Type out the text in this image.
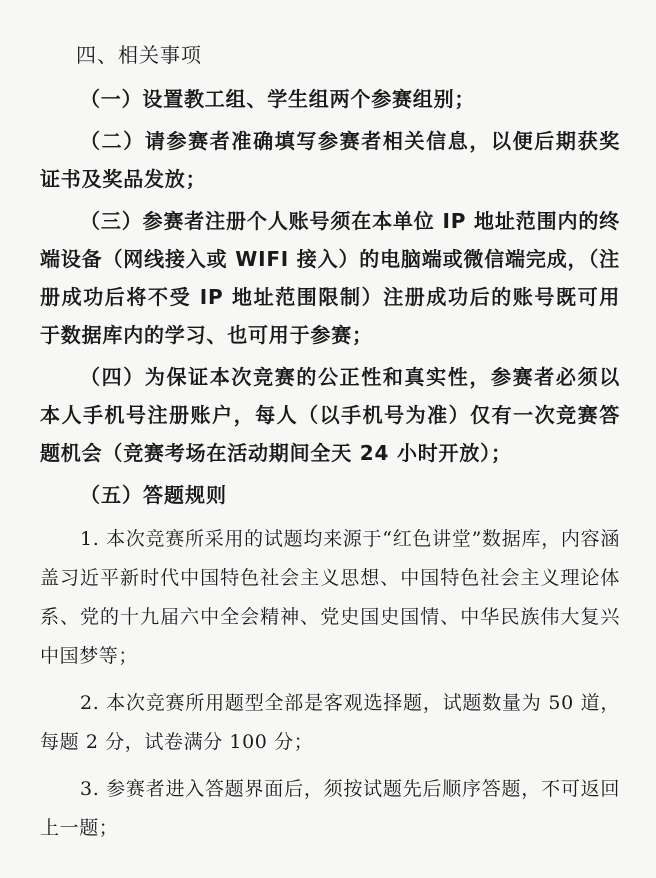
四、相关事项

（一）设置教工组、学生组两个参赛组别；

（二）请参赛者准确填写参赛者相关信息，以便后期获奖证书及奖品发放；

（三）参赛者注册个人账号须在本单位 IP 地址范围内的终端设备（网线接入或 WIFI 接入）的电脑端或微信端完成，（注册成功后将不受 IP 地址范围限制）注册成功后的账号既可用于数据库内的学习、也可用于参赛；

（四）为保证本次竞赛的公正性和真实性，参赛者必须以本人手机号注册账户，每人（以手机号为准）仅有一次竞赛答题机会（竞赛考场在活动期间全天 24 小时开放）；

（五）答题规则

1. 本次竞赛所采用的试题均来源于“红色讲堂”数据库，内容涵盖习近平新时代中国特色社会主义思想、中国特色社会主义理论体系、党的十九届六中全会精神、党史国史国情、中华民族伟大复兴中国梦等；

2. 本次竞赛所用题型全部是客观选择题，试题数量为 50 道，每题 2 分，试卷满分 100 分；

3. 参赛者进入答题界面后，须按试题先后顺序答题，不可返回上一题；
